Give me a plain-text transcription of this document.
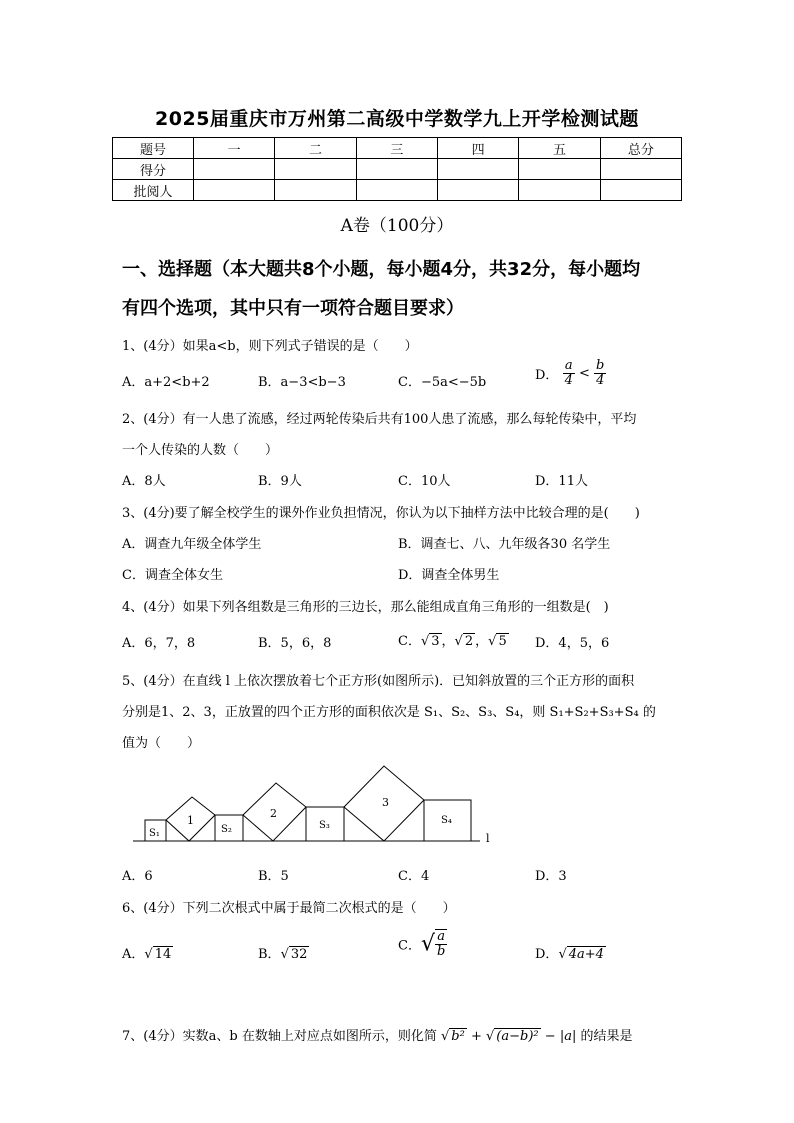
2025届重庆市万州第二高级中学数学九上开学检测试题
题号	一	二	三	四	五	总分
得分						
批阅人						
A卷（100分）
一、选择题（本大题共8个小题，每小题4分，共32分，每小题均
有四个选项，其中只有一项符合题目要求）
1、(4分）如果a<b，则下列式子错误的是（　　）
A．a+2<b+2	B．a−3<b−3	C．−5a<−5b	D． $\frac{a}{4} < \frac{b}{4}$
2、(4分）有一人患了流感，经过两轮传染后共有100人患了流感，那么每轮传染中，平均
一个人传染的人数（　　）
A．8人	B．9人	C．10人	D．11人
3、(4分)要了解全校学生的课外作业负担情况，你认为以下抽样方法中比较合理的是(　　)
A．调查九年级全体学生	B．调查七、八、九年级各30 名学生
C．调查全体女生	D．调查全体男生
4、(4分）如果下列各组数是三角形的三边长，那么能组成直角三角形的一组数是(　)
A．6，7，8	B．5，6，8	C．√ 3 ，√ 2 ，√ 5 D．4，5，6
5、(4分）在直线 l 上依次摆放着七个正方形(如图所示)．已知斜放置的三个正方形的面积
分别是1、2、3，正放置的四个正方形的面积依次是 S₁、S₂、S₃、S₄，则 S₁+S₂+S₃+S₄ 的
值为（　　）
l
S₁	S₂	S₃	S₄
1
2
3
A．6	B．5	C．4	D．3
6、(4分）下列二次根式中属于最简二次根式的是（　　）
A．√ 14	B．√ 32
C．√ $\frac{a}{b}$	D．√ 4a+4
7、(4分）实数a、b 在数轴上对应点如图所示，则化简 √ b² + √ (a−b)² − |a| 的结果是
